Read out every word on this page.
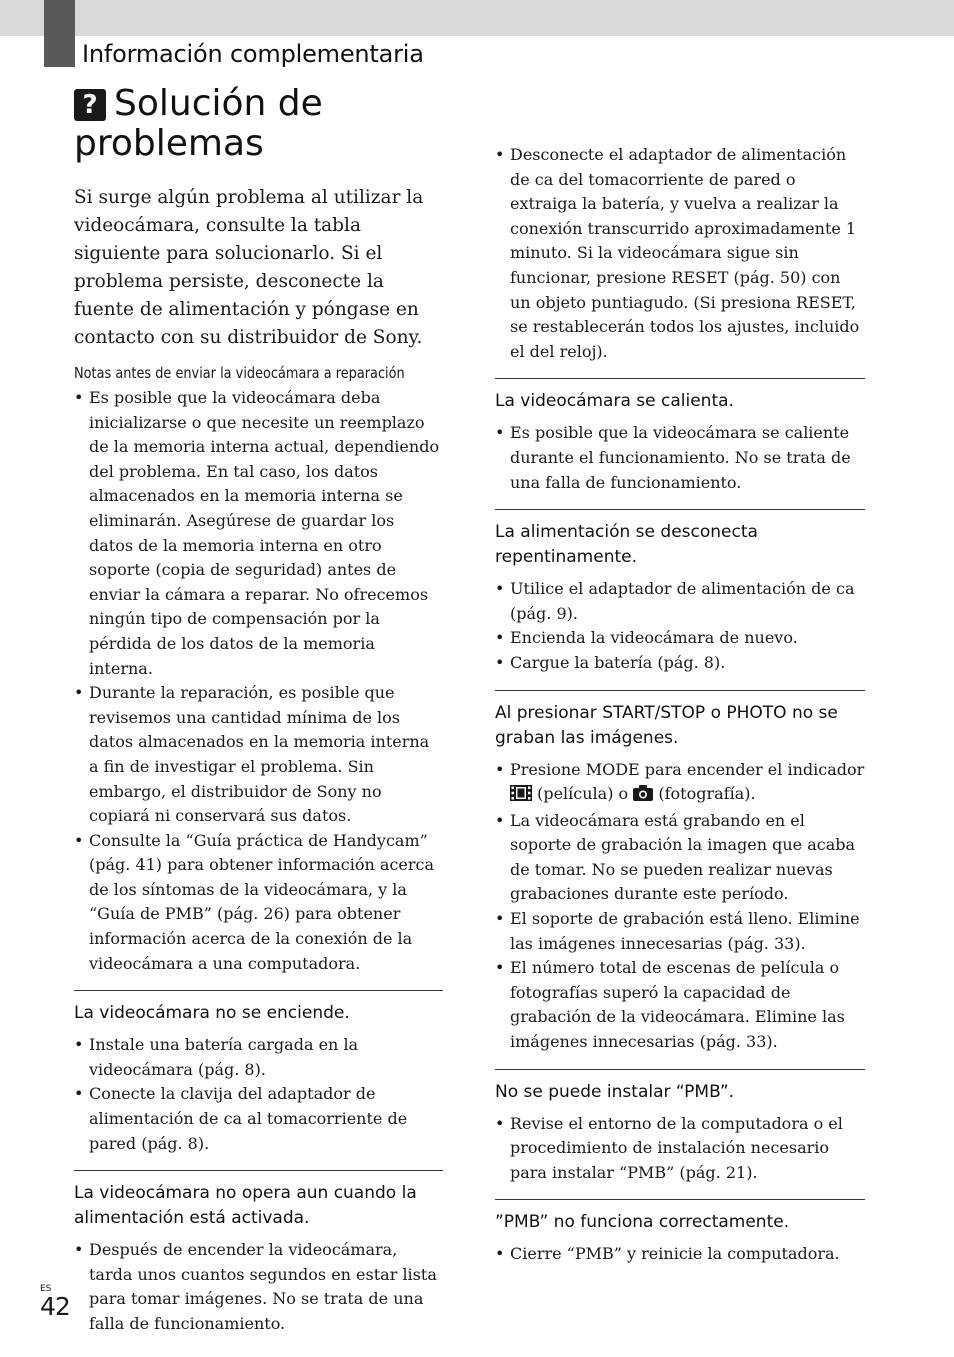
Información complementaria
? Solución de
problemas

Si surge algún problema al utilizar la videocámara, consulte la tabla siguiente para solucionarlo. Si el problema persiste, desconecte la fuente de alimentación y póngase en contacto con su distribuidor de Sony.

Notas antes de enviar la videocámara a reparación
• Es posible que la videocámara deba inicializarse o que necesite un reemplazo de la memoria interna actual, dependiendo del problema. En tal caso, los datos almacenados en la memoria interna se eliminarán. Asegúrese de guardar los datos de la memoria interna en otro soporte (copia de seguridad) antes de enviar la cámara a reparar. No ofrecemos ningún tipo de compensación por la pérdida de los datos de la memoria interna.
• Durante la reparación, es posible que revisemos una cantidad mínima de los datos almacenados en la memoria interna a fin de investigar el problema. Sin embargo, el distribuidor de Sony no copiará ni conservará sus datos.
• Consulte la “Guía práctica de Handycam” (pág. 41) para obtener información acerca de los síntomas de la videocámara, y la “Guía de PMB” (pág. 26) para obtener información acerca de la conexión de la videocámara a una computadora.
La videocámara no se enciende.
• Instale una batería cargada en la videocámara (pág. 8).
• Conecte la clavija del adaptador de alimentación de ca al tomacorriente de pared (pág. 8).
La videocámara no opera aun cuando la alimentación está activada.
• Después de encender la videocámara, tarda unos cuantos segundos en estar lista para tomar imágenes. No se trata de una falla de funcionamiento.
• Desconecte el adaptador de alimentación de ca del tomacorriente de pared o extraiga la batería, y vuelva a realizar la conexión transcurrido aproximadamente 1 minuto. Si la videocámara sigue sin funcionar, presione RESET (pág. 50) con un objeto puntiagudo. (Si presiona RESET, se restablecerán todos los ajustes, incluido el del reloj).
La videocámara se calienta.
• Es posible que la videocámara se caliente durante el funcionamiento. No se trata de una falla de funcionamiento.
La alimentación se desconecta repentinamente.
• Utilice el adaptador de alimentación de ca (pág. 9).
• Encienda la videocámara de nuevo.
• Cargue la batería (pág. 8).
Al presionar START/STOP o PHOTO no se graban las imágenes.
• Presione MODE para encender el indicador
(película) o (fotografía).
• La videocámara está grabando en el soporte de grabación la imagen que acaba de tomar. No se pueden realizar nuevas grabaciones durante este período.
• El soporte de grabación está lleno. Elimine las imágenes innecesarias (pág. 33).
• El número total de escenas de película o fotografías superó la capacidad de grabación de la videocámara. Elimine las imágenes innecesarias (pág. 33).
No se puede instalar “PMB”.
• Revise el entorno de la computadora o el procedimiento de instalación necesario para instalar “PMB” (pág. 21).
”PMB” no funciona correctamente.
• Cierre “PMB” y reinicie la computadora.
ES
42
